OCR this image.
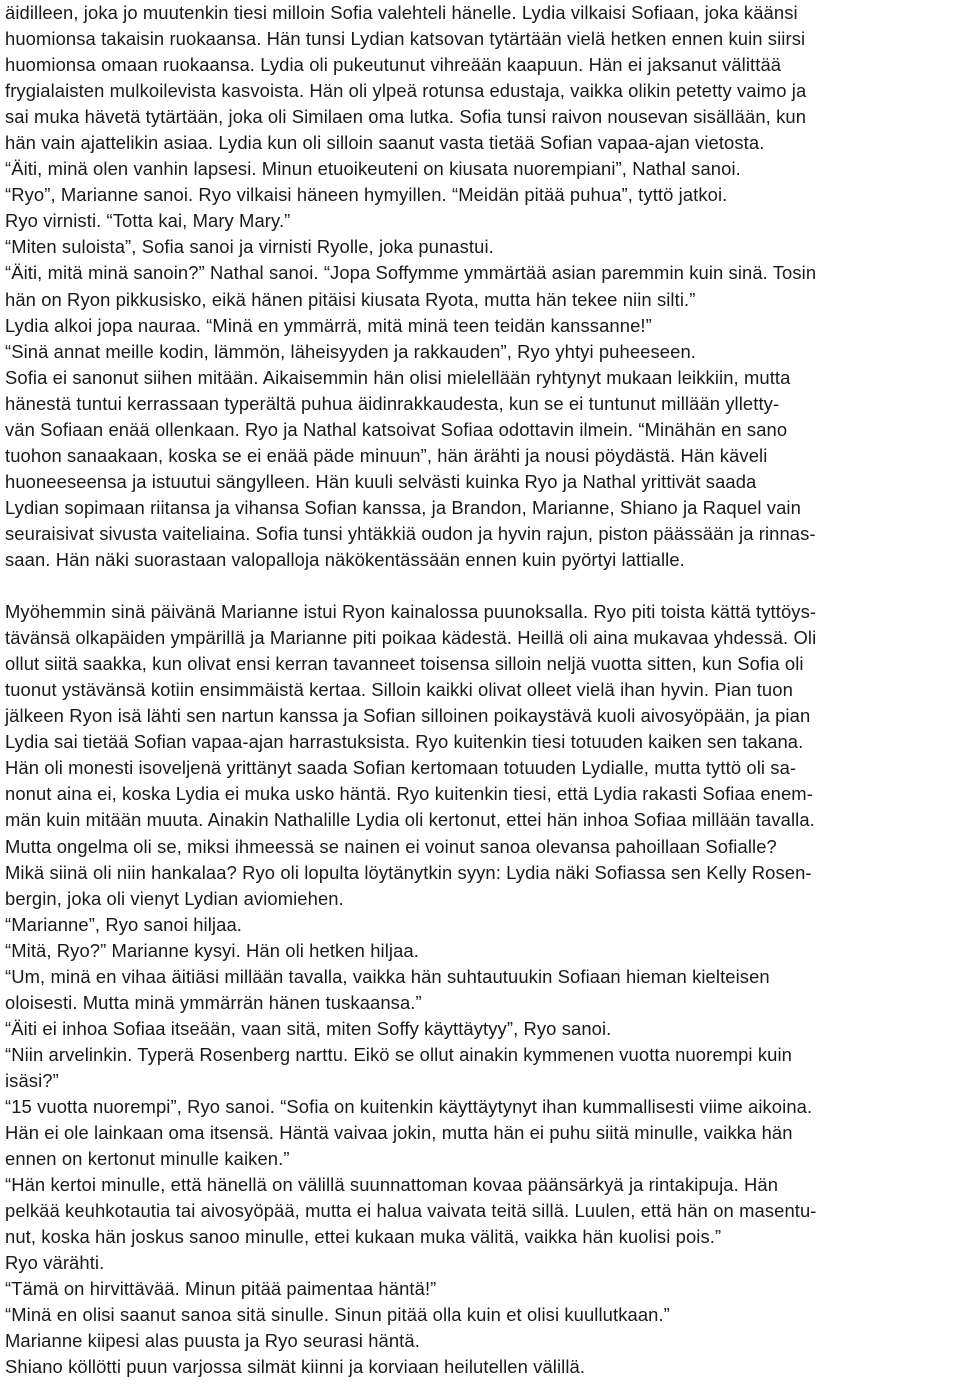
äidilleen, joka jo muutenkin tiesi milloin Sofia valehteli hänelle. Lydia vilkaisi Sofiaan, joka käänsi
huomionsa takaisin ruokaansa. Hän tunsi Lydian katsovan tytärtään vielä hetken ennen kuin siirsi
huomionsa omaan ruokaansa. Lydia oli pukeutunut vihreään kaapuun. Hän ei jaksanut välittää
frygialaisten mulkoilevista kasvoista. Hän oli ylpeä rotunsa edustaja, vaikka olikin petetty vaimo ja
sai muka hävetä tytärtään, joka oli Similaen oma lutka. Sofia tunsi raivon nousevan sisällään, kun
hän vain ajattelikin asiaa. Lydia kun oli silloin saanut vasta tietää Sofian vapaa-ajan vietosta.
“Äiti, minä olen vanhin lapsesi. Minun etuoikeuteni on kiusata nuorempiani”, Nathal sanoi.
“Ryo”, Marianne sanoi. Ryo vilkaisi häneen hymyillen. “Meidän pitää puhua”, tyttö jatkoi.
Ryo virnisti. “Totta kai, Mary Mary.”
“Miten suloista”, Sofia sanoi ja virnisti Ryolle, joka punastui.
“Äiti, mitä minä sanoin?” Nathal sanoi. “Jopa Soffymme ymmärtää asian paremmin kuin sinä. Tosin
hän on Ryon pikkusisko, eikä hänen pitäisi kiusata Ryota, mutta hän tekee niin silti.”
Lydia alkoi jopa nauraa. “Minä en ymmärrä, mitä minä teen teidän kanssanne!”
“Sinä annat meille kodin, lämmön, läheisyyden ja rakkauden”, Ryo yhtyi puheeseen.
Sofia ei sanonut siihen mitään. Aikaisemmin hän olisi mielellään ryhtynyt mukaan leikkiin, mutta
hänestä tuntui kerrassaan typerältä puhua äidinrakkaudesta, kun se ei tuntunut millään ylletty-
vän Sofiaan enää ollenkaan. Ryo ja Nathal katsoivat Sofiaa odottavin ilmein. “Minähän en sano
tuohon sanaakaan, koska se ei enää päde minuun”, hän ärähti ja nousi pöydästä. Hän käveli
huoneeseensa ja istuutui sängylleen. Hän kuuli selvästi kuinka Ryo ja Nathal yrittivät saada
Lydian sopimaan riitansa ja vihansa Sofian kanssa, ja Brandon, Marianne, Shiano ja Raquel vain
seuraisivat sivusta vaiteliaina. Sofia tunsi yhtäkkiä oudon ja hyvin rajun, piston päässään ja rinnas-
saan. Hän näki suorastaan valopalloja näkökentässään ennen kuin pyörtyi lattialle.
Myöhemmin sinä päivänä Marianne istui Ryon kainalossa puunoksalla. Ryo piti toista kättä tyttöys-
tävänsä olkapäiden ympärillä ja Marianne piti poikaa kädestä. Heillä oli aina mukavaa yhdessä. Oli
ollut siitä saakka, kun olivat ensi kerran tavanneet toisensa silloin neljä vuotta sitten, kun Sofia oli
tuonut ystävänsä kotiin ensimmäistä kertaa. Silloin kaikki olivat olleet vielä ihan hyvin. Pian tuon
jälkeen Ryon isä lähti sen nartun kanssa ja Sofian silloinen poikaystävä kuoli aivosyöpään, ja pian
Lydia sai tietää Sofian vapaa-ajan harrastuksista. Ryo kuitenkin tiesi totuuden kaiken sen takana.
Hän oli monesti isoveljenä yrittänyt saada Sofian kertomaan totuuden Lydialle, mutta tyttö oli sa-
nonut aina ei, koska Lydia ei muka usko häntä. Ryo kuitenkin tiesi, että Lydia rakasti Sofiaa enem-
män kuin mitään muuta. Ainakin Nathalille Lydia oli kertonut, ettei hän inhoa Sofiaa millään tavalla.
Mutta ongelma oli se, miksi ihmeessä se nainen ei voinut sanoa olevansa pahoillaan Sofialle?
Mikä siinä oli niin hankalaa? Ryo oli lopulta löytänytkin syyn: Lydia näki Sofiassa sen Kelly Rosen-
bergin, joka oli vienyt Lydian aviomiehen.
“Marianne”, Ryo sanoi hiljaa.
“Mitä, Ryo?” Marianne kysyi. Hän oli hetken hiljaa.
“Um, minä en vihaa äitiäsi millään tavalla, vaikka hän suhtautuukin Sofiaan hieman kielteisen
oloisesti. Mutta minä ymmärrän hänen tuskaansa.”
“Äiti ei inhoa Sofiaa itseään, vaan sitä, miten Soffy käyttäytyy”, Ryo sanoi.
“Niin arvelinkin. Typerä Rosenberg narttu. Eikö se ollut ainakin kymmenen vuotta nuorempi kuin
isäsi?”
“15 vuotta nuorempi”, Ryo sanoi. “Sofia on kuitenkin käyttäytynyt ihan kummallisesti viime aikoina.
Hän ei ole lainkaan oma itsensä. Häntä vaivaa jokin, mutta hän ei puhu siitä minulle, vaikka hän
ennen on kertonut minulle kaiken.”
“Hän kertoi minulle, että hänellä on välillä suunnattoman kovaa päänsärkyä ja rintakipuja. Hän
pelkää keuhkotautia tai aivosyöpää, mutta ei halua vaivata teitä sillä. Luulen, että hän on masentu-
nut, koska hän joskus sanoo minulle, ettei kukaan muka välitä, vaikka hän kuolisi pois.”
Ryo värähti.
“Tämä on hirvittävää. Minun pitää paimentaa häntä!”
“Minä en olisi saanut sanoa sitä sinulle. Sinun pitää olla kuin et olisi kuullutkaan.”
Marianne kiipesi alas puusta ja Ryo seurasi häntä.
Shiano köllötti puun varjossa silmät kiinni ja korviaan heilutellen välillä.
